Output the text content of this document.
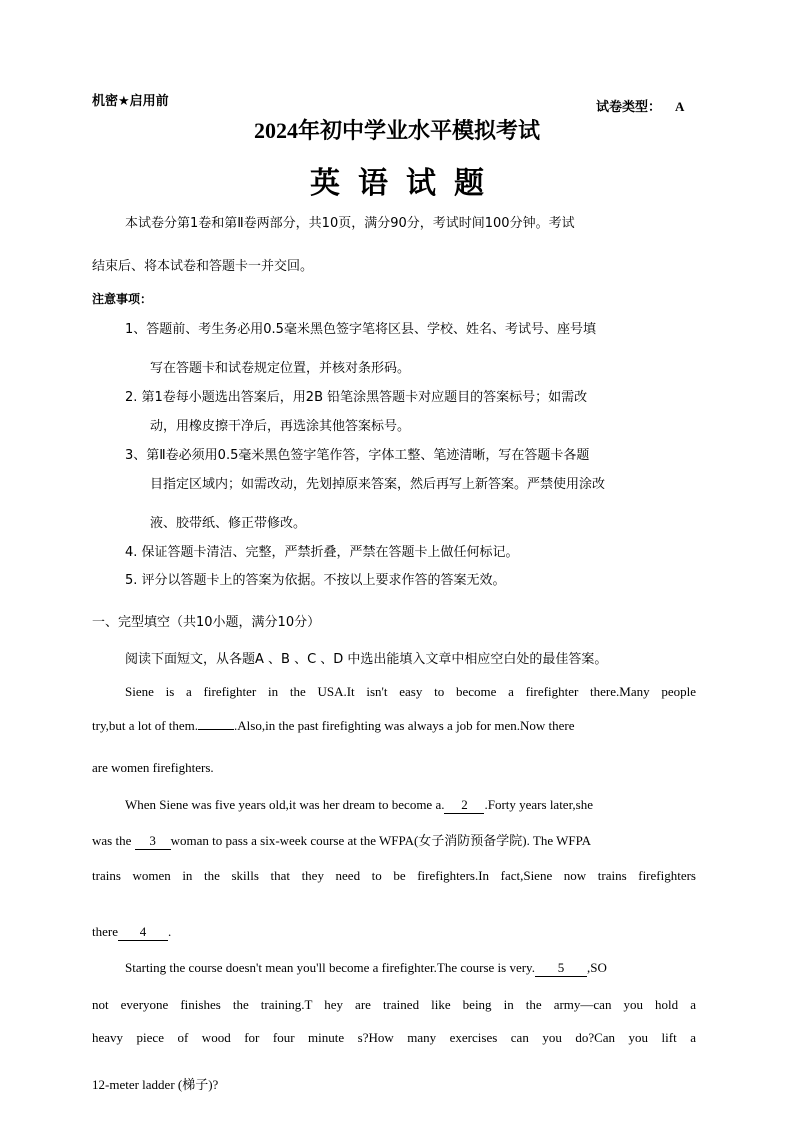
机密★启用前	试卷类型： A
2024年初中学业水平模拟考试
英语试题
本试卷分第1卷和第Ⅱ卷两部分，共10页，满分90分，考试时间100分钟。考试
结束后、将本试卷和答题卡一并交回。
注意事项：
1、答题前、考生务必用0.5毫米黑色签字笔将区县、学校、姓名、考试号、座号填
写在答题卡和试卷规定位置，并核对条形码。
2. 第1卷每小题选出答案后，用2B 铅笔涂黑答题卡对应题目的答案标号；如需改
动，用橡皮擦干净后，再选涂其他答案标号。
3、第Ⅱ卷必须用0.5毫米黑色签字笔作答，字体工整、笔迹清晰，写在答题卡各题
目指定区域内；如需改动，先划掉原来答案，然后再写上新答案。严禁使用涂改
液、胶带纸、修正带修改。
4. 保证答题卡清洁、完整，严禁折叠，严禁在答题卡上做任何标记。
5. 评分以答题卡上的答案为依据。不按以上要求作答的答案无效。
一、完型填空（共10小题，满分10分）
阅读下面短文，从各题A 、B 、C 、D 中选出能填入文章中相应空白处的最佳答案。
Siene is a firefighter in the USA.It isn't easy to become a firefighter there.Many people
try,but a lot of them.	.Also,in the past firefighting was always a job for men.Now there
are women firefighters.
When Siene was five years old,it was her dream to become a. 2 .Forty years later,she
was the 3 woman to pass a six-week course at the WFPA(女子消防预备学院). The WFPA
trains women in the skills that they need to be firefighters.In fact,Siene now trains firefighters
there 4 .
Starting the course doesn't mean you'll become a firefighter.The course is very. 5 ,SO
not everyone finishes the training.T hey are trained like being in the army—can you hold a
heavy piece of wood for four minute s?How many exercises can you do?Can you lift a
12-meter ladder (梯子)?
